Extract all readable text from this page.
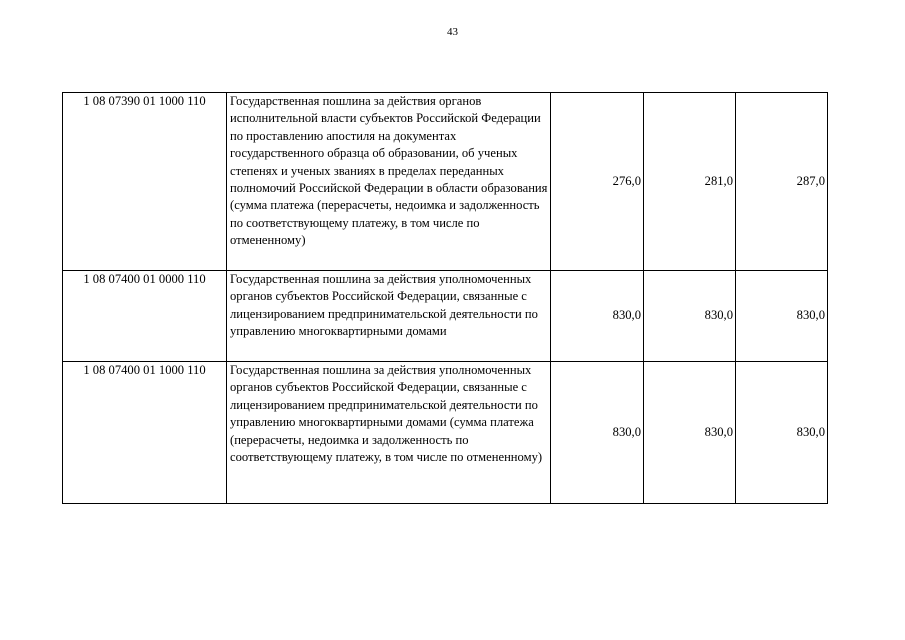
43
1 08 07390 01 1000 110	Государственная пошлина за действия органов исполнительной власти субъектов Российской Федерации по проставлению апостиля на документах государственного образца об образовании, об ученых степенях и ученых званиях в пределах переданных полномочий Российской Федерации в области образования (сумма платежа (перерасчеты, недоимка и задолженность по соответствующему платежу, в том числе по отмененному)	276,0	281,0	287,0
1 08 07400 01 0000 110	Государственная пошлина за действия уполномоченных органов субъектов Российской Федерации, связанные с лицензированием предпринимательской деятельности по управлению многоквартирными домами	830,0	830,0	830,0
1 08 07400 01 1000 110	Государственная пошлина за действия уполномоченных органов субъектов Российской Федерации, связанные с лицензированием предпринимательской деятельности по управлению многоквартирными домами (сумма платежа (перерасчеты, недоимка и задолженность по соответствующему платежу, в том числе по отмененному)	830,0	830,0	830,0
